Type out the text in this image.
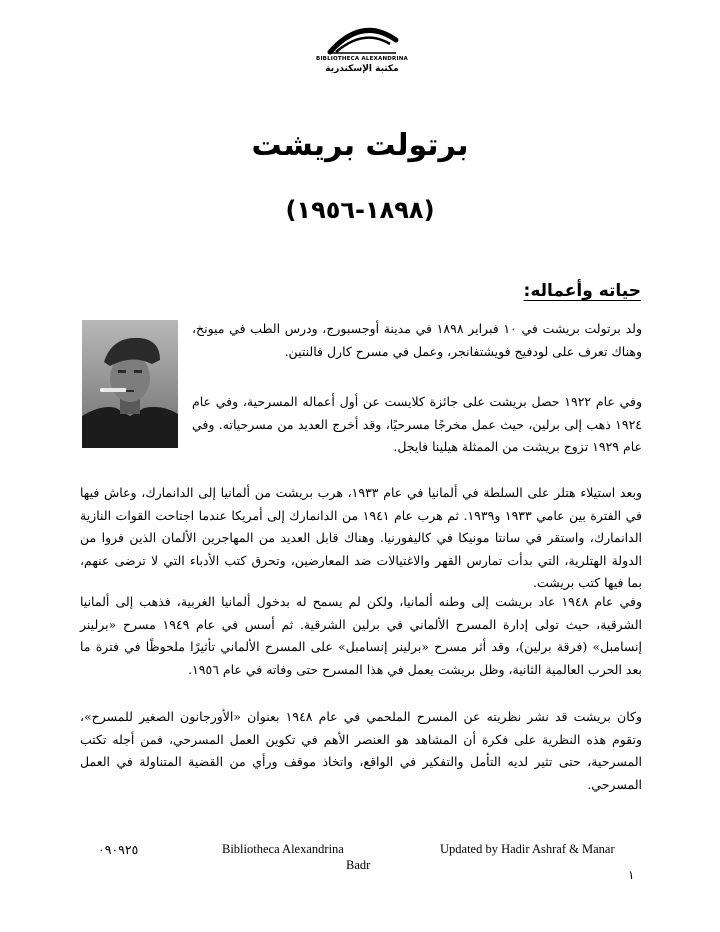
BIBLIOTHECA ALEXANDRINA
مكتبة الإسكندرية
برتولت بريشت
(١٨٩٨-١٩٥٦)
حياته وأعماله:
ولد برتولت بريشت في ١٠ فبراير ١٨٩٨ في مدينة أوجسبورج، ودرس الطب في ميونخ، وهناك تعرف على لودفيج فويشتفانجر، وعمل في مسرح كارل فالنتين.
وفي عام ١٩٢٢ حصل بريشت على جائزة كلايست عن أول أعماله المسرحية، وفي عام ١٩٢٤ ذهب إلى برلين، حيث عمل مخرجًا مسرحيًا، وقد أخرج العديد من مسرحياته. وفي عام ١٩٢٩ تزوج بريشت من الممثلة هيلينا فايجل.
وبعد استيلاء هتلر على السلطة في ألمانيا في عام ١٩٣٣، هرب بريشت من ألمانيا إلى الدانمارك، وعاش فيها في الفترة بين عامي ١٩٣٣ و١٩٣٩. ثم هرب عام ١٩٤١ من الدانمارك إلى أمريكا عندما اجتاحت القوات النازية الدانمارك، واستقر في سانتا مونيكا في كاليفورنيا. وهناك قابل العديد من المهاجرين الألمان الذين فروا من الدولة الهتلرية، التي بدأت تمارس القهر والاغتيالات ضد المعارضين، وتحرق كتب الأدباء التي لا ترضى عنهم، بما فيها كتب بريشت.
وفي عام ١٩٤٨ عاد بريشت إلى وطنه ألمانيا، ولكن لم يسمح له بدخول ألمانيا الغربية، فذهب إلى ألمانيا الشرقية، حيث تولى إدارة المسرح الألماني في برلين الشرقية. ثم أسس في عام ١٩٤٩ مسرح «برلينر إنسامبل» (فرقة برلين)، وقد أثر مسرح «برلينر إنسامبل» على المسرح الألماني تأثيرًا ملحوظًا في فترة ما بعد الحرب العالمية الثانية، وظل بريشت يعمل في هذا المسرح حتى وفاته في عام ١٩٥٦.
وكان بريشت قد نشر نظريته عن المسرح الملحمي في عام ١٩٤٨ بعنوان «الأورجانون الصغير للمسرح»، وتقوم هذه النظرية على فكرة أن المشاهد هو العنصر الأهم في تكوين العمل المسرحي، فمن أجله تكتب المسرحية، حتى تثير لديه التأمل والتفكير في الواقع، واتخاذ موقف ورأي من القضية المتناولة في العمل المسرحي.
٠٩٠٩٢٥	Bibliotheca Alexandrina	Updated by Hadir Ashraf & Manar
Badr
١
